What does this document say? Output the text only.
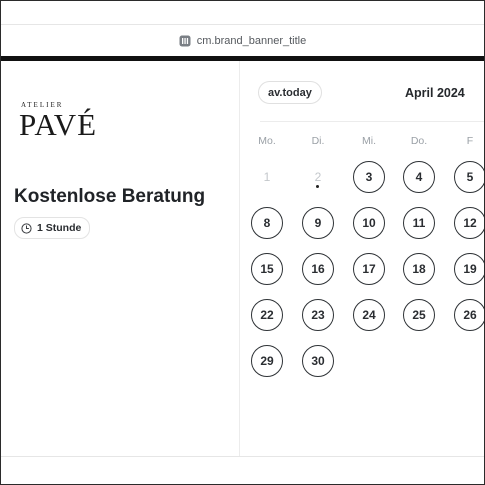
cm.brand_banner_title
ATELIER
PAVÉ
Kostenlose Beratung
1 Stunde
av.today	April 2024
Mo.	Di.	Mi.	Do.	F
1	2	3	4	5
8	9	10	11	12
15	16	17	18	19
22	23	24	25	26
29	30
